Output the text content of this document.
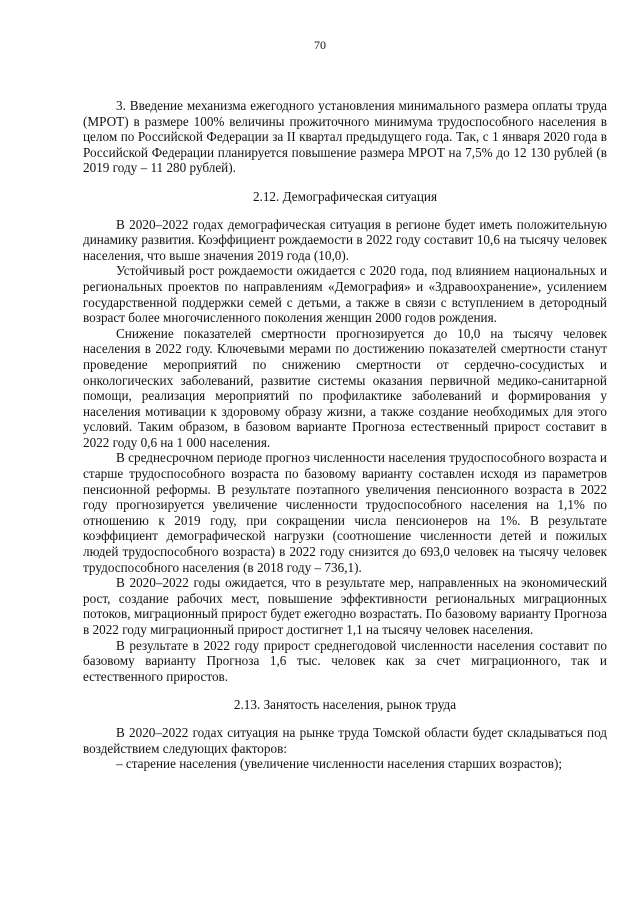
70

3. Введение механизма ежегодного установления минимального размера оплаты труда (МРОТ) в размере 100% величины прожиточного минимума трудоспособного населения в целом по Российской Федерации за II квартал предыдущего года. Так, с 1 января 2020 года в Российской Федерации планируется повышение размера МРОТ на 7,5% до 12 130 рублей (в 2019 году – 11 280 рублей).

2.12. Демографическая ситуация

В 2020–2022 годах демографическая ситуация в регионе будет иметь положительную динамику развития. Коэффициент рождаемости в 2022 году составит 10,6 на тысячу человек населения, что выше значения 2019 года (10,0).

Устойчивый рост рождаемости ожидается с 2020 года, под влиянием национальных и региональных проектов по направлениям «Демография» и «Здравоохранение», усилением государственной поддержки семей с детьми, а также в связи с вступлением в детородный возраст более многочисленного поколения женщин 2000 годов рождения.

Снижение показателей смертности прогнозируется до 10,0 на тысячу человек населения в 2022 году. Ключевыми мерами по достижению показателей смертности станут проведение мероприятий по снижению смертности от сердечно-сосудистых и онкологических заболеваний, развитие системы оказания первичной медико-санитарной помощи, реализация мероприятий по профилактике заболеваний и формирования у населения мотивации к здоровому образу жизни, а также создание необходимых для этого условий. Таким образом, в базовом варианте Прогноза естественный прирост составит в 2022 году 0,6 на 1 000 населения.

В среднесрочном периоде прогноз численности населения трудоспособного возраста и старше трудоспособного возраста по базовому варианту составлен исходя из параметров пенсионной реформы. В результате поэтапного увеличения пенсионного возраста в 2022 году прогнозируется увеличение численности трудоспособного населения на 1,1% по отношению к 2019 году, при сокращении числа пенсионеров на 1%. В результате коэффициент демографической нагрузки (соотношение численности детей и пожилых людей трудоспособного возраста) в 2022 году снизится до 693,0 человек на тысячу человек трудоспособного населения (в 2018 году – 736,1).

В 2020–2022 годы ожидается, что в результате мер, направленных на экономический рост, создание рабочих мест, повышение эффективности региональных миграционных потоков, миграционный прирост будет ежегодно возрастать. По базовому варианту Прогноза в 2022 году миграционный прирост достигнет 1,1 на тысячу человек населения.

В результате в 2022 году прирост среднегодовой численности населения составит по базовому варианту Прогноза 1,6 тыс. человек как за счет миграционного, так и естественного приростов.

2.13. Занятость населения, рынок труда

В 2020–2022 годах ситуация на рынке труда Томской области будет складываться под воздействием следующих факторов:

– старение населения (увеличение численности населения старших возрастов);
